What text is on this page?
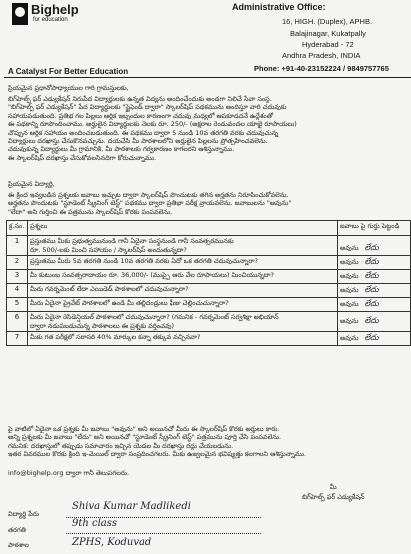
Bighelp
for education
A Catalyst For Better Education
Administrative Office:
16, HIGH. (Duplex), APHB.
Balajinagar, Kukatpally
Hyderabad - 72
Andhra Pradesh, INDIA
Phone: +91-40-23152224 / 9849757765
ప్రియమైన ప్రధానోపాధ్యాయుల గారి గ్రామస్తులకు,
బిగ్‌హెల్ప్ ఫర్ ఎడ్యుకేషన్ నిరుపేద విద్యార్థులకు ఉన్నత విద్యను అందించేందుకు అండగా నిలిచే సేవా సంస్థ.
"బిగ్‌హెల్ప్ ఫర్ ఎడ్యుకేషన్" పేద విద్యార్థులకు "స్టైఫెండ్ ద్వారా" స్కాలర్‌షిప్ పథకమును అందిస్తూ వారి చదువుకు
సహాయపడుతుంది. ప్రతిభ గల పిల్లలు ఆర్థిక ఇబ్బందుల కారణంగా చదువు మధ్యలో ఆపకూడదనే ఉద్దేశంతో
ఈ పథకాన్ని రూపొందించాము. అర్హులైన విద్యార్థులకు నెలకు రూ. 250/- (అక్షరాల రెండువందల యాభై రూపాయలు)
చొప్పున ఆర్థిక సహాయం అందించబడుతుంది. ఈ పథకము ద్వారా 5 నుండి 10వ తరగతి వరకు చదువుచున్న
విద్యార్థులు దరఖాస్తు చేసుకొనవచ్చును. దయచేసి మీ పాఠశాలలోని అర్హులైన పిల్లలను ప్రోత్సహించవలెను.
చదువుకున్న విద్యార్థులు మీ గ్రామానికి, మీ పాఠశాలకు గర్వకారణం కాగలరని ఆశిస్తున్నాము.
ఈ స్కాలర్‌షిప్ దరఖాస్తు చేసుకోవలసినదిగా కోరుచున్నాము.
ప్రియమైన విద్యార్థి,
ఈ క్రింద ఇవ్వబడిన ప్రశ్నలకు జవాబు ఇచ్చుట ద్వారా స్కాలర్‌షిప్ పొందుటకు తగిన అర్హతను నిరూపించుకోవలెను.
అర్హతను పొందుటకు "స్టూడెంట్ స్క్రీనింగ్ టెస్ట్" పథకము ద్వారా ప్రతిభా పరీక్ష వ్రాయవలెను. జవాబులను "అవును"
"లేదా" అని గుర్తించి ఈ పత్రమును స్కాలర్‌షిప్ కొరకు పంపవలెను.
క్ర.సం.	ప్రశ్నలు	జవాబు పై గుర్తు పెట్టండి
1	ప్రస్తుతము మీకు ప్రభుత్వమునుండి గానీ ఏదైనా సంస్థనుండి గానీ సంవత్సరమునకు
రూ. 500/-లకు మించి సహాయం / స్కాలర్‌షిప్ అందుతున్నదా?	అవును లేదు
2	ప్రస్తుతము మీరు 5వ తరగతి నుండి 10వ తరగతి వరకు ఏదో ఒక తరగతి చదువుచున్నారా?	అవును లేదు
3	మీ కుటుంబ సంవత్సరాదాయం రూ. 36,000/- (ముప్పై ఆరు వేల రూపాయలు) మించియున్నదా?	అవును లేదు
4	మీరు గవర్నమెంట్ లేదా ఎయిడెడ్ పాఠశాలలో చదువుచున్నారా?	అవును లేదు
5	మీరు ఏదైనా ప్రైవేట్ పాఠశాలలో ఉండి మీ తల్లిదండ్రులు ఫీజు చెల్లించుచున్నారా?	అవును లేదు
6	మీరు ఏదైనా రెసిడెన్షియల్ పాఠశాలలో చదువుచున్నారా? (గమనిక - గవర్నమెంట్ సర్వశిక్షా అభియాన్
ద్వారా నడుపబడుచున్న పాఠశాలలు ఈ ప్రశ్నకు వర్తించవు)	అవును లేదు
7	మీకు గత పరీక్షలో సరాసరి 40% మార్కుల కన్నా తక్కువ వచ్చినవా?	అవును లేదు
పై వాటిలో ఏదైనా ఒక ప్రశ్నకు మీ జవాబు "అవును" అని అయినచో మీరు ఈ స్కాలర్‌షిప్ కొరకు అర్హులు కారు.
అన్ని ప్రశ్నలకు మీ జవాబు "లేదు" అని అయినచో "స్టూడెంట్ స్క్రీనింగ్ టెస్ట్" పత్రమును పూర్తి చేసి పంపవలెను.
గమనిక: దరఖాస్తులో తప్పుడు సమాచారం ఇచ్చిన యెడల మీ దరఖాస్తు రద్దు చేయబడును.
ఇతర వివరముల కొరకు క్రింది ఇ-మెయిల్ ద్వారా సంప్రదించగలరు. మీకు ఉజ్వలమైన భవిష్యత్తు కలగాలని ఆశిస్తున్నాము.
info@bighelp.org ద్వారా గానీ తెలుపగలరు.
మీ
బిగ్‌హెల్ప్ ఫర్ ఎడ్యుకేషన్
విద్యార్థి పేరు
Shiva Kumar Madlikedi
తరగతి
9th class
పాఠశాల	ZPHS, Koduvad
